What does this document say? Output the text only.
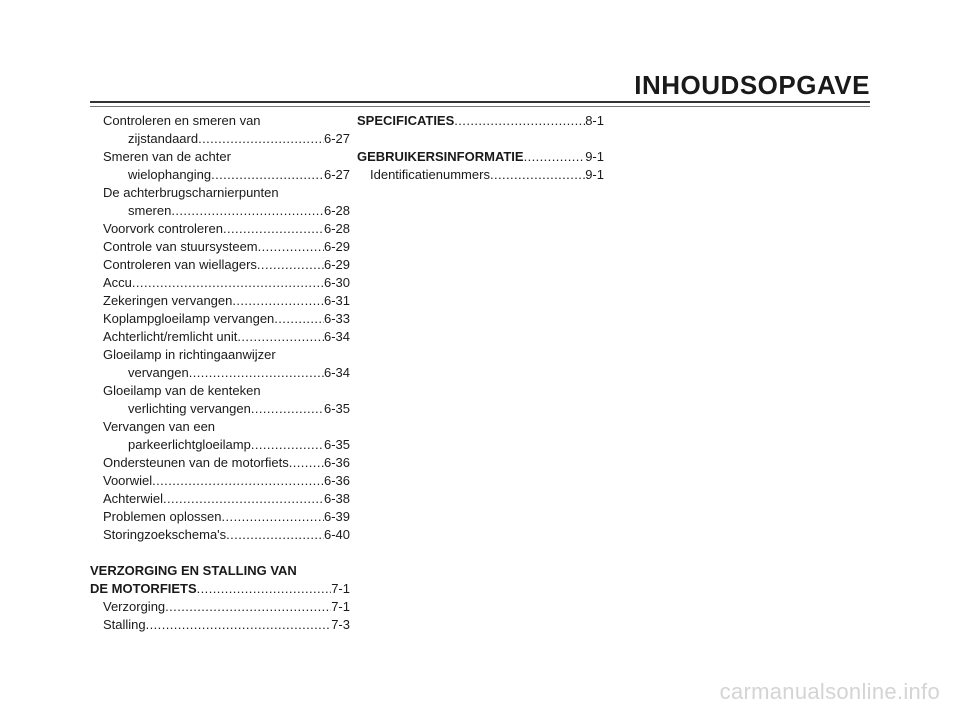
INHOUDSOPGAVE
Controleren en smeren van
zijstandaard .....	6-27
Smeren van de achter
wielophanging .....	6-27
De achterbrugscharnierpunten
smeren .....	6-28
Voorvork controleren .....	6-28
Controle van stuursysteem .....	6-29
Controleren van wiellagers .....	6-29
Accu .....	6-30
Zekeringen vervangen .....	6-31
Koplampgloeilamp vervangen .....	6-33
Achterlicht/remlicht unit .....	6-34
Gloeilamp in richtingaanwijzer
vervangen .....	6-34
Gloeilamp van de kenteken
verlichting vervangen .....	6-35
Vervangen van een
parkeerlichtgloeilamp .....	6-35
Ondersteunen van de motorfiets .....	6-36
Voorwiel .....	6-36
Achterwiel .....	6-38
Problemen oplossen .....	6-39
Storingzoekschema's .....	6-40
VERZORGING EN STALLING VAN
DE MOTORFIETS .....	7-1
Verzorging .....	7-1
Stalling .....	7-3
SPECIFICATIES .....	8-1
GEBRUIKERSINFORMATIE .....	9-1
Identificatienummers .....	9-1
carmanualsonline.info
